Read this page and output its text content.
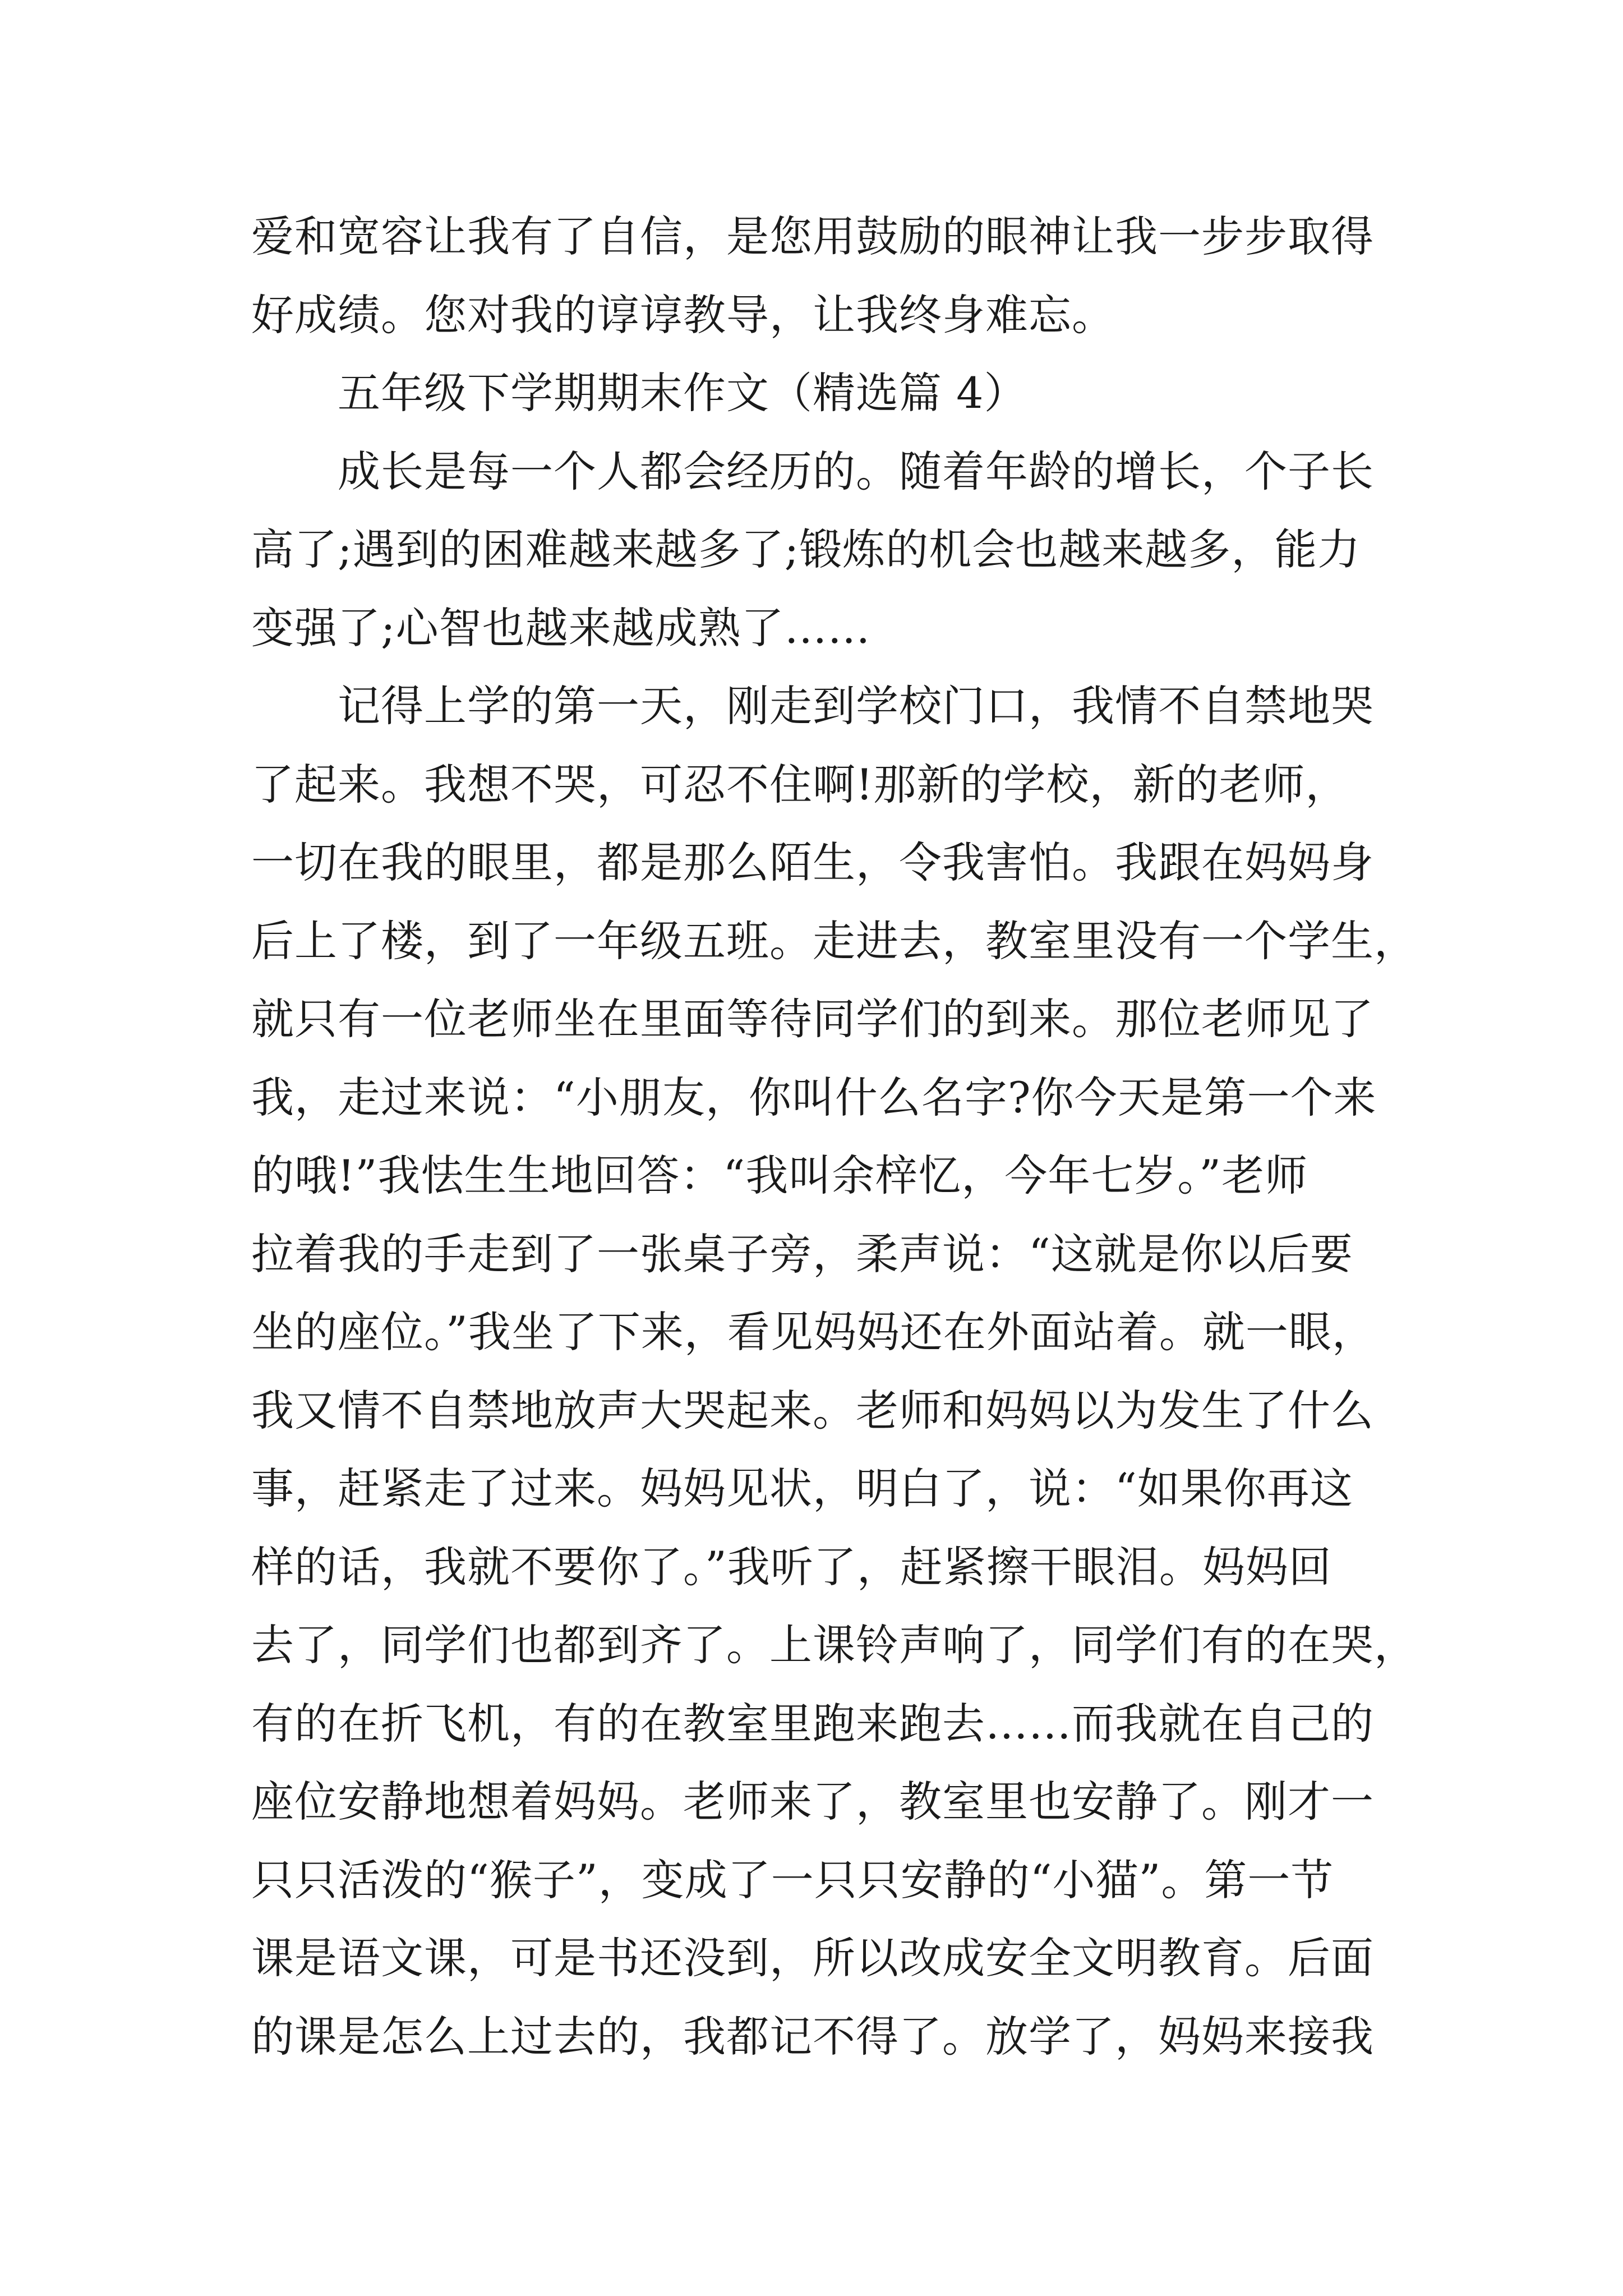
爱和宽容让我有了自信，是您用鼓励的眼神让我一步步取得
好成绩。您对我的谆谆教导，让我终身难忘。
　　五年级下学期期末作文（精选篇 4）
　　成长是每一个人都会经历的。随着年龄的增长，个子长
高了;遇到的困难越来越多了;锻炼的机会也越来越多，能力
变强了;心智也越来越成熟了……
　　记得上学的第一天，刚走到学校门口，我情不自禁地哭
了起来。我想不哭，可忍不住啊!那新的学校，新的老师，
一切在我的眼里，都是那么陌生，令我害怕。我跟在妈妈身
后上了楼，到了一年级五班。走进去，教室里没有一个学生，
就只有一位老师坐在里面等待同学们的到来。那位老师见了
我，走过来说：“小朋友，你叫什么名字?你今天是第一个来
的哦!”我怯生生地回答：“我叫余梓忆，今年七岁。”老师
拉着我的手走到了一张桌子旁，柔声说：“这就是你以后要
坐的座位。”我坐了下来，看见妈妈还在外面站着。就一眼，
我又情不自禁地放声大哭起来。老师和妈妈以为发生了什么
事，赶紧走了过来。妈妈见状，明白了，说：“如果你再这
样的话，我就不要你了。”我听了，赶紧擦干眼泪。妈妈回
去了，同学们也都到齐了。上课铃声响了，同学们有的在哭，
有的在折飞机，有的在教室里跑来跑去……而我就在自己的
座位安静地想着妈妈。老师来了，教室里也安静了。刚才一
只只活泼的“猴子”，变成了一只只安静的“小猫”。第一节
课是语文课，可是书还没到，所以改成安全文明教育。后面
的课是怎么上过去的，我都记不得了。放学了，妈妈来接我
